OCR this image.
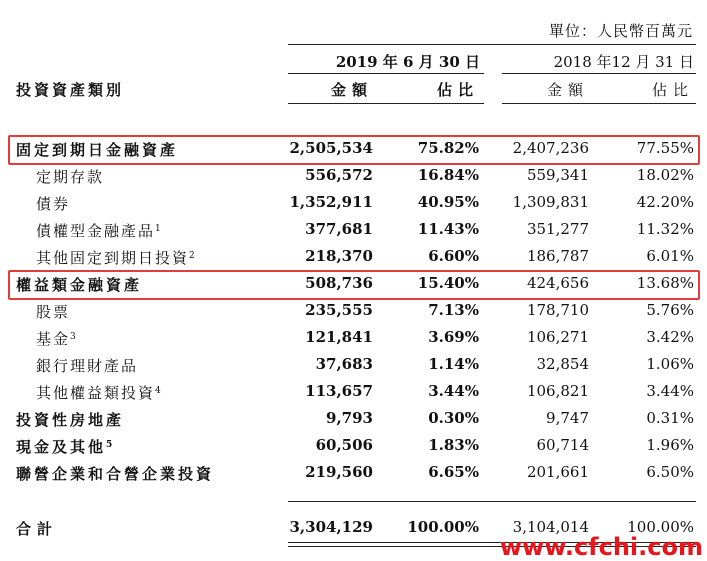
單位：人民幣百萬元
投資資產類別
2019 年 6 月 30 日	2018 年12 月 31 日
金額	佔比	金額	佔比
固定到期日金融資產	2,505,534	75.82% 2,407,236	77.55%
定期存款	556,572	16.84%	559,341	18.02%
債券	1,352,911	40.95% 1,309,831	42.20%
債權型金融產品$^1$	377,681	11.43%	351,277	11.32%
其他固定到期日投資$^2$	218,370	6.60%	186,787	6.01%
權益類金融資產	508,736	15.40%	424,656	13.68%
股票	235,555	7.13%	178,710	5.76%
基金$^3$	121,841	3.69%	106,271	3.42%
銀行理財產品	37,683	1.14%	32,854	1.06%
其他權益類投資$^4$	113,657	3.44%	106,821	3.44%
投資性房地產	9,793	0.30%	9,747	0.31%
現金及其他$^5$	60,506	1.83%	60,714	1.96%
聯營企業和合營企業投資	219,560	6.65%	201,661	6.50%
合計	3,304,129 100.00% 3,104,014	100.00%
www.cfchi.com
